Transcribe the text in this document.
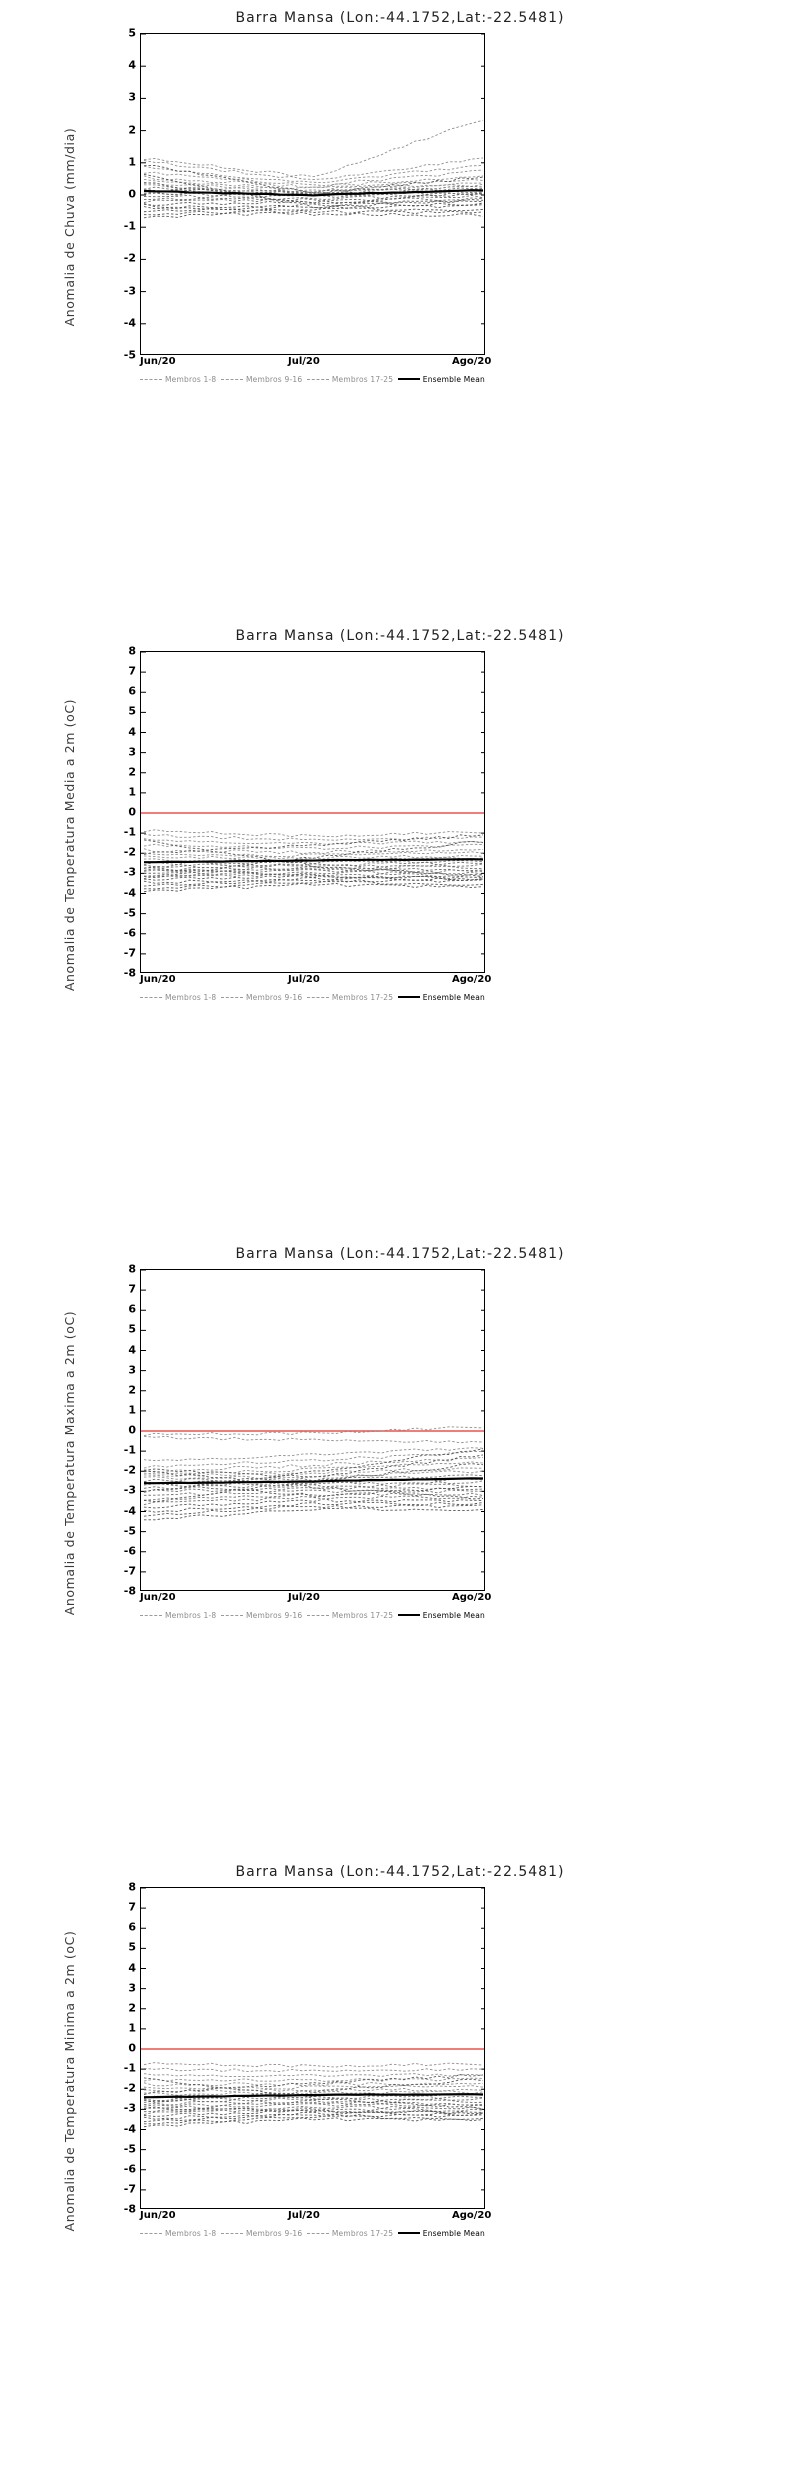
Barra Mansa (Lon:-44.1752,Lat:-22.5481)
Anomalia de Chuva (mm/dia)
-5
-4
-3
-2
-1
0
1
2
3
4
5
Jun/20	Jul/20	Ago/20
Membros 1-8	Membros 9-16	Membros 17-25	Ensemble Mean
Barra Mansa (Lon:-44.1752,Lat:-22.5481)
Anomalia de Temperatura Media a 2m (oC)	-8
-7
-6
-5
-4
-3
-2
-1
0
1
2
3
4
5
6
7
8
Jun/20	Jul/20	Ago/20
Membros 1-8	Membros 9-16	Membros 17-25	Ensemble Mean
Barra Mansa (Lon:-44.1752,Lat:-22.5481)
Anomalia de Temperatura Maxima a 2m (oC)	-8
-7
-6
-5
-4
-3
-2
-1
0
1
2
3
4
5
6
7
8
Jun/20	Jul/20	Ago/20
Membros 1-8	Membros 9-16	Membros 17-25	Ensemble Mean
Barra Mansa (Lon:-44.1752,Lat:-22.5481)
Anomalia de Temperatura Minima a 2m (oC)	-8
-7
-6
-5
-4
-3
-2
-1
0
1
2
3
4
5
6
7
8
Jun/20	Jul/20	Ago/20
Membros 1-8	Membros 9-16	Membros 17-25	Ensemble Mean
